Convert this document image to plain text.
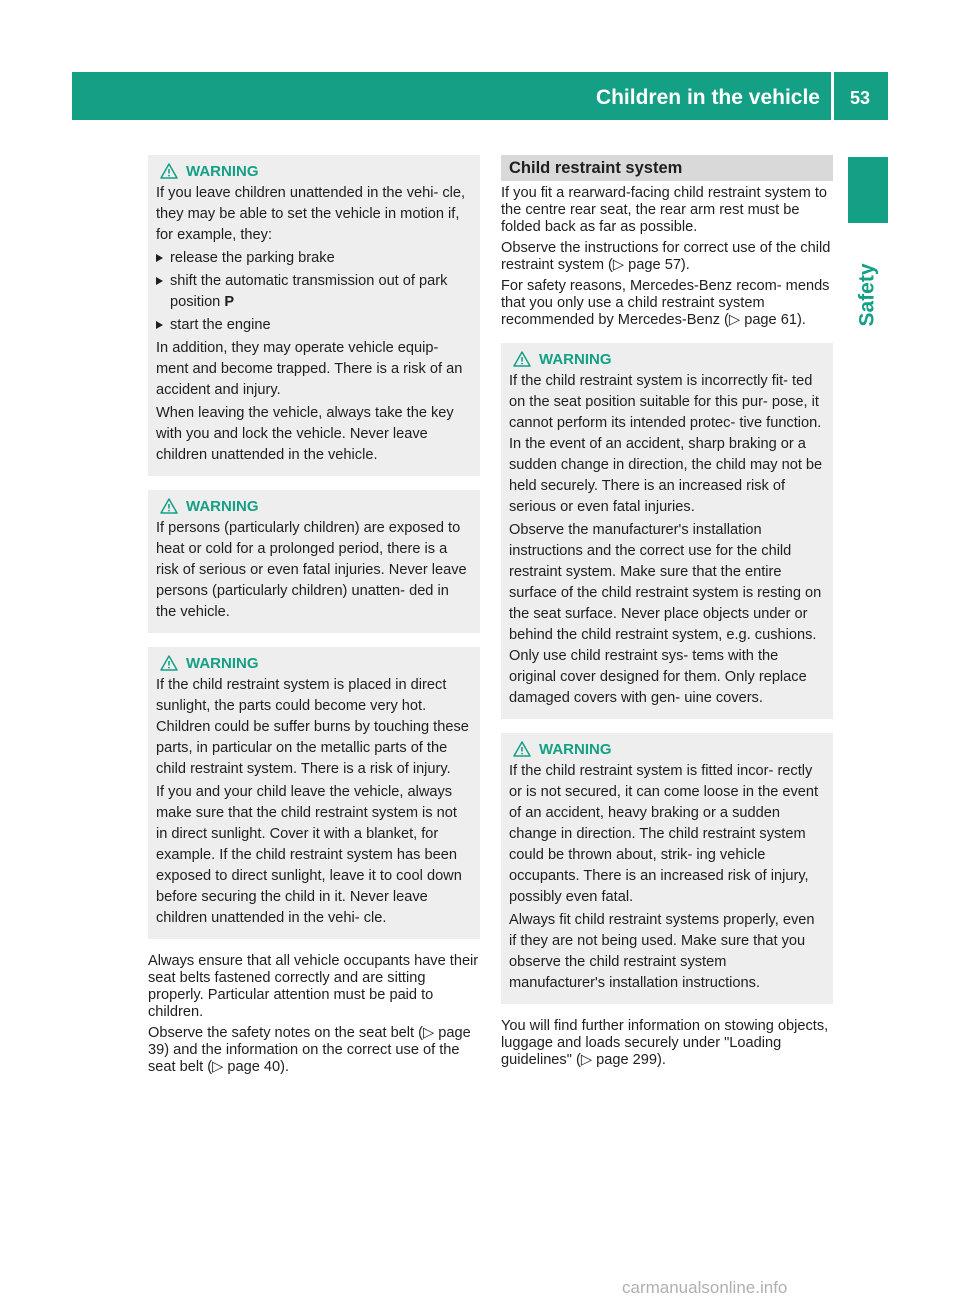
Children in the vehicle 53
Safety
WARNING

If you leave children unattended in the vehi- cle, they may be able to set the vehicle in motion if, for example, they:

release the parking brake
shift the automatic transmission out of park position P
start the engine

In addition, they may operate vehicle equip- ment and become trapped. There is a risk of an accident and injury.

When leaving the vehicle, always take the key with you and lock the vehicle. Never leave children unattended in the vehicle.

WARNING

If persons (particularly children) are exposed to heat or cold for a prolonged period, there is a risk of serious or even fatal injuries. Never leave persons (particularly children) unatten- ded in the vehicle.

WARNING

If the child restraint system is placed in direct sunlight, the parts could become very hot. Children could be suffer burns by touching these parts, in particular on the metallic parts of the child restraint system. There is a risk of injury.

If you and your child leave the vehicle, always make sure that the child restraint system is not in direct sunlight. Cover it with a blanket, for example. If the child restraint system has been exposed to direct sunlight, leave it to cool down before securing the child in it. Never leave children unattended in the vehi- cle.

Always ensure that all vehicle occupants have their seat belts fastened correctly and are sitting properly. Particular attention must be paid to children.

Observe the safety notes on the seat belt (▷ page 39) and the information on the correct use of the seat belt (▷ page 40).

Child restraint system

If you fit a rearward-facing child restraint system to the centre rear seat, the rear arm rest must be folded back as far as possible.

Observe the instructions for correct use of the child restraint system (▷ page 57).

For safety reasons, Mercedes-Benz recom- mends that you only use a child restraint system recommended by Mercedes-Benz (▷ page 61).

WARNING

If the child restraint system is incorrectly fit- ted on the seat position suitable for this pur- pose, it cannot perform its intended protec- tive function. In the event of an accident, sharp braking or a sudden change in direction, the child may not be held securely. There is an increased risk of serious or even fatal injuries.

Observe the manufacturer's installation instructions and the correct use for the child restraint system. Make sure that the entire surface of the child restraint system is resting on the seat surface. Never place objects under or behind the child restraint system, e.g. cushions. Only use child restraint sys- tems with the original cover designed for them. Only replace damaged covers with gen- uine covers.

WARNING

If the child restraint system is fitted incor- rectly or is not secured, it can come loose in the event of an accident, heavy braking or a sudden change in direction. The child restraint system could be thrown about, strik- ing vehicle occupants. There is an increased risk of injury, possibly even fatal.

Always fit child restraint systems properly, even if they are not being used. Make sure that you observe the child restraint system manufacturer's installation instructions.

You will find further information on stowing objects, luggage and loads securely under "Loading guidelines" (▷ page 299).

carmanualsonline.info
